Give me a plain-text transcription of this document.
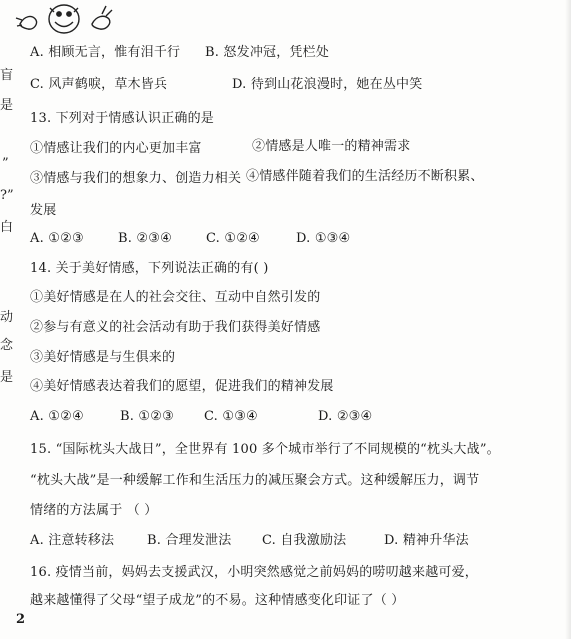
盲
是
”
?”
白
动
念
是
A. 相顾无言，惟有泪千行 B. 怒发冲冠，凭栏处
C. 风声鹤唳，草木皆兵	D. 待到山花浪漫时，她在丛中笑
13. 下列对于情感认识正确的是
①情感让我们的内心更加丰富	②情感是人唯一的精神需求
③情感与我们的想象力、创造力相关 ④情感伴随着我们的生活经历不断积累、
发展
A. ①②③	B. ②③④	C. ①②④	D. ①③④
14. 关于美好情感，下列说法正确的有( )
①美好情感是在人的社会交往、互动中自然引发的
②参与有意义的社会活动有助于我们获得美好情感
③美好情感是与生俱来的
④美好情感表达着我们的愿望，促进我们的精神发展
A. ①②④	B. ①②③ C. ①③④	D. ②③④
15. “国际枕头大战日”，全世界有 100 多个城市举行了不同规模的“枕头大战”。
“枕头大战”是一种缓解工作和生活压力的减压聚会方式。这种缓解压力，调节
情绪的方法属于 （ ）
A. 注意转移法	B. 合理发泄法 C. 自我激励法	D. 精神升华法
16. 疫情当前，妈妈去支援武汉，小明突然感觉之前妈妈的唠叨越来越可爱，
越来越懂得了父母“望子成龙”的不易。这种情感变化印证了（ ）
2
